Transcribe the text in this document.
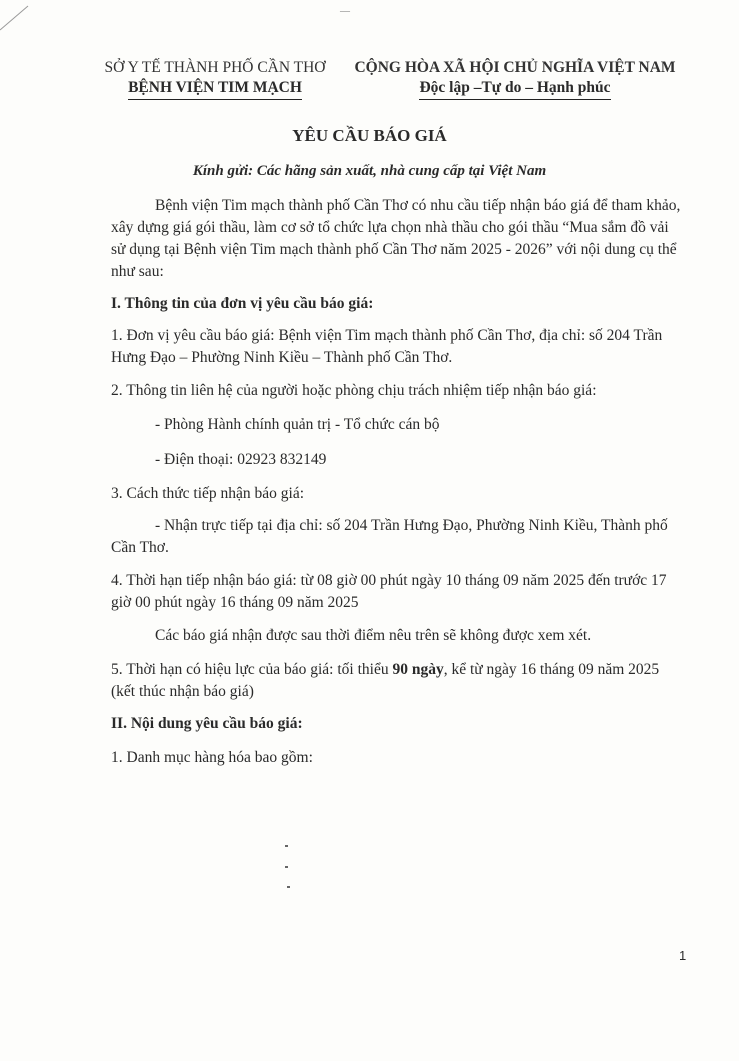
––
SỞ Y TẾ THÀNH PHỐ CẦN THƠ
BỆNH VIỆN TIM MẠCH
CỘNG HÒA XÃ HỘI CHỦ NGHĨA VIỆT NAM
Độc lập –Tự do – Hạnh phúc
YÊU CẦU BÁO GIÁ
Kính gửi: Các hãng sản xuất, nhà cung cấp tại Việt Nam
Bệnh viện Tim mạch thành phố Cần Thơ có nhu cầu tiếp nhận báo giá để tham khảo, xây dựng giá gói thầu, làm cơ sở tổ chức lựa chọn nhà thầu cho gói thầu “Mua sắm đồ vải sử dụng tại Bệnh viện Tim mạch thành phố Cần Thơ năm 2025 - 2026” với nội dung cụ thể như sau:
I. Thông tin của đơn vị yêu cầu báo giá:
1. Đơn vị yêu cầu báo giá: Bệnh viện Tim mạch thành phố Cần Thơ, địa chỉ: số 204 Trần Hưng Đạo – Phường Ninh Kiều – Thành phố Cần Thơ.
2. Thông tin liên hệ của người hoặc phòng chịu trách nhiệm tiếp nhận báo giá:
- Phòng Hành chính quản trị - Tổ chức cán bộ
- Điện thoại: 02923 832149
3. Cách thức tiếp nhận báo giá:
- Nhận trực tiếp tại địa chỉ: số 204 Trần Hưng Đạo, Phường Ninh Kiều, Thành phố
Cần Thơ.
4. Thời hạn tiếp nhận báo giá: từ 08 giờ 00 phút ngày 10 tháng 09 năm 2025 đến trước 17 giờ 00 phút ngày 16 tháng 09 năm 2025
Các báo giá nhận được sau thời điểm nêu trên sẽ không được xem xét.
5. Thời hạn có hiệu lực của báo giá: tối thiểu 90 ngày, kể từ ngày 16 tháng 09 năm 2025 (kết thúc nhận báo giá)
II. Nội dung yêu cầu báo giá:
1. Danh mục hàng hóa bao gồm:
1
